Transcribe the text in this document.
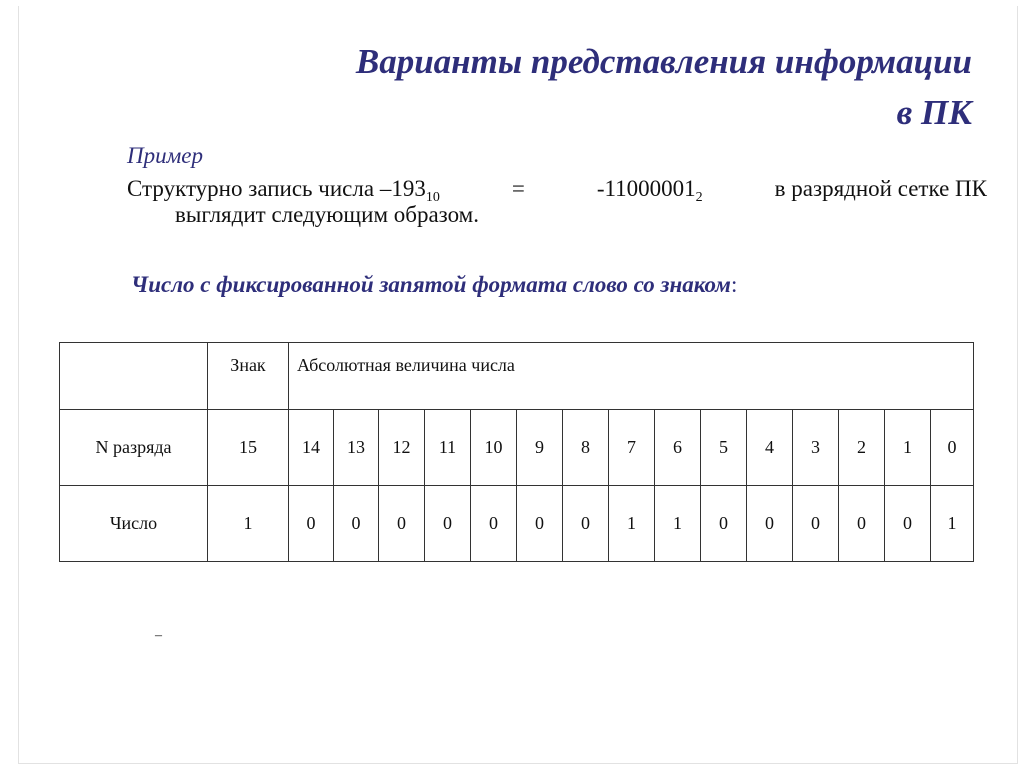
Варианты представления информации
в ПК
Пример
Структурно запись числа $-193_{10}$	=	$-11000001_2$	в разрядной сетке ПК
выглядит следующим образом.
Число с фиксированной запятой формата слово со знаком:
	Знак	Абсолютная величина числа														
N разряда	15	14	13	12	11	10	9	8	7	6	5	4	3	2	1	0
Число	1	0	0	0	0	0	0	0	1	1	0	0	0	0	0	1
–
